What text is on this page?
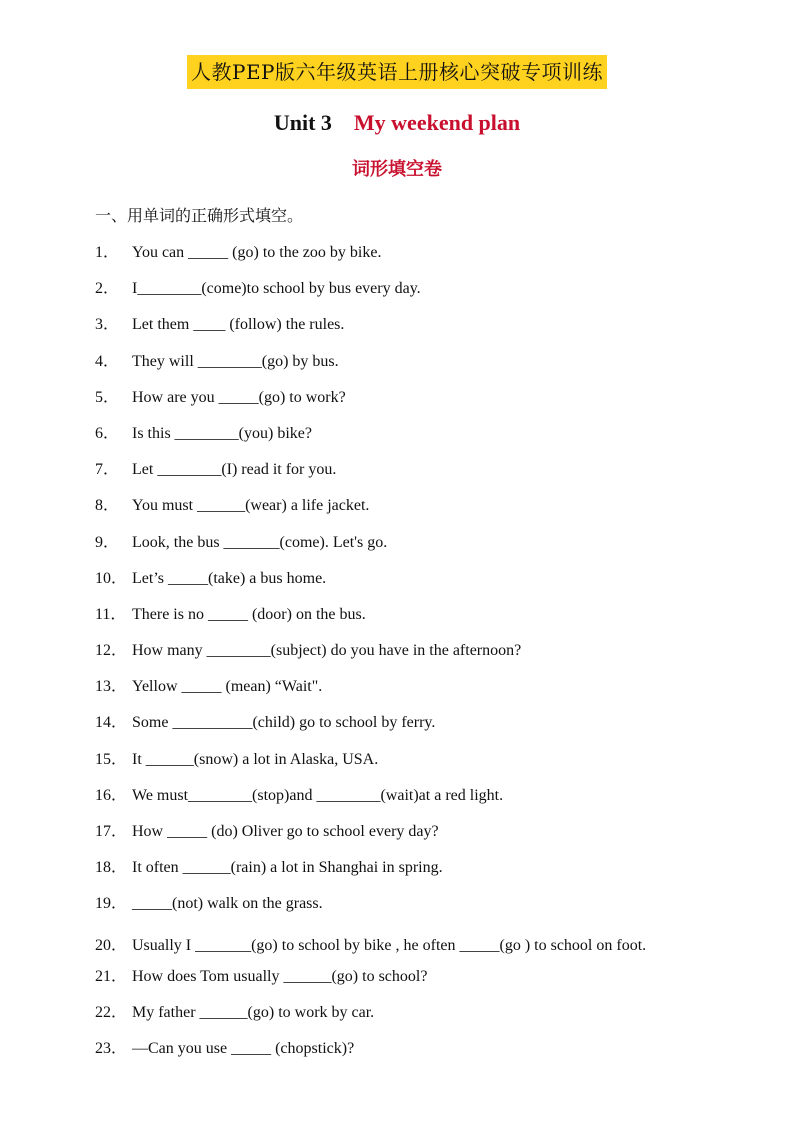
人教PEP版六年级英语上册核心突破专项训练
Unit 3 My weekend plan
词形填空卷
一、用单词的正确形式填空。
1． You can _____ (go) to the zoo by bike.
2． I________(come)to school by bus every day.
3． Let them ____ (follow) the rules.
4． They will ________(go) by bus.
5． How are you _____(go) to work?
6． Is this ________(you) bike?
7． Let ________(I) read it for you.
8． You must ______(wear) a life jacket.
9． Look, the bus _______(come). Let's go.
10． Let’s _____(take) a bus home.
11． There is no _____ (door) on the bus.
12． How many ________(subject) do you have in the afternoon?
13． Yellow _____ (mean) “Wait".
14． Some __________(child) go to school by ferry.
15． It ______(snow) a lot in Alaska, USA.
16． We must________(stop)and ________(wait)at a red light.
17． How _____ (do) Oliver go to school every day?
18． It often ______(rain) a lot in Shanghai in spring.
19． _____(not) walk on the grass.
20． Usually I _______(go) to school by bike , he often _____(go ) to school on foot.
21． How does Tom usually ______(go) to school?
22． My father ______(go) to work by car.
23． —Can you use _____ (chopstick)?
